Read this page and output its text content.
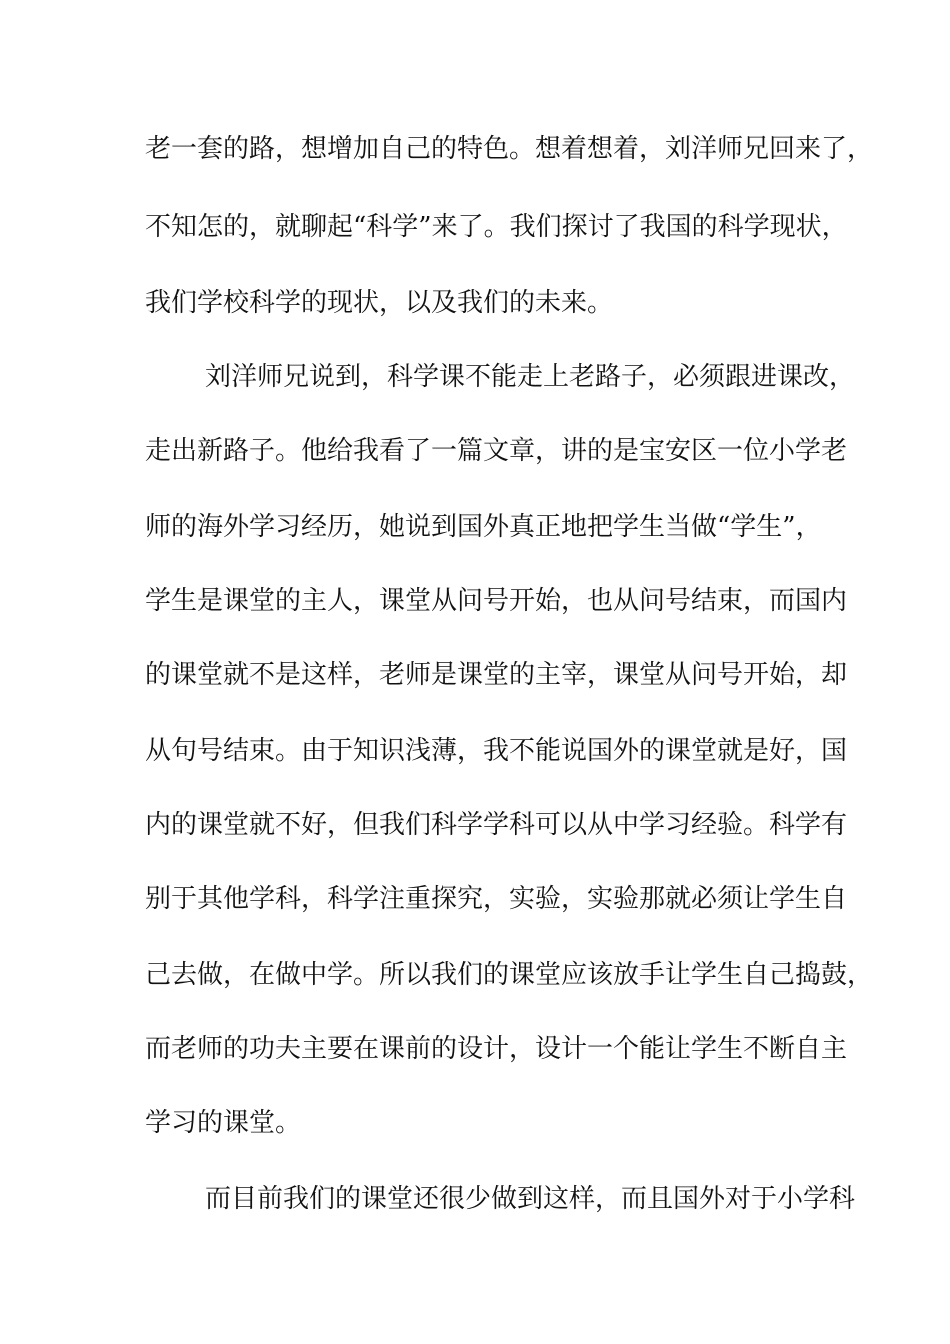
老一套的路，想增加自己的特色。想着想着，刘洋师兄回来了，
不知怎的，就聊起“科学”来了。我们探讨了我国的科学现状，
我们学校科学的现状，以及我们的未来。
刘洋师兄说到，科学课不能走上老路子，必须跟进课改，
走出新路子。他给我看了一篇文章，讲的是宝安区一位小学老
师的海外学习经历，她说到国外真正地把学生当做“学生”，
学生是课堂的主人，课堂从问号开始，也从问号结束，而国内
的课堂就不是这样，老师是课堂的主宰，课堂从问号开始，却
从句号结束。由于知识浅薄，我不能说国外的课堂就是好，国
内的课堂就不好，但我们科学学科可以从中学习经验。科学有
别于其他学科，科学注重探究，实验，实验那就必须让学生自
己去做，在做中学。所以我们的课堂应该放手让学生自己捣鼓，
而老师的功夫主要在课前的设计，设计一个能让学生不断自主
学习的课堂。
而目前我们的课堂还很少做到这样，而且国外对于小学科
